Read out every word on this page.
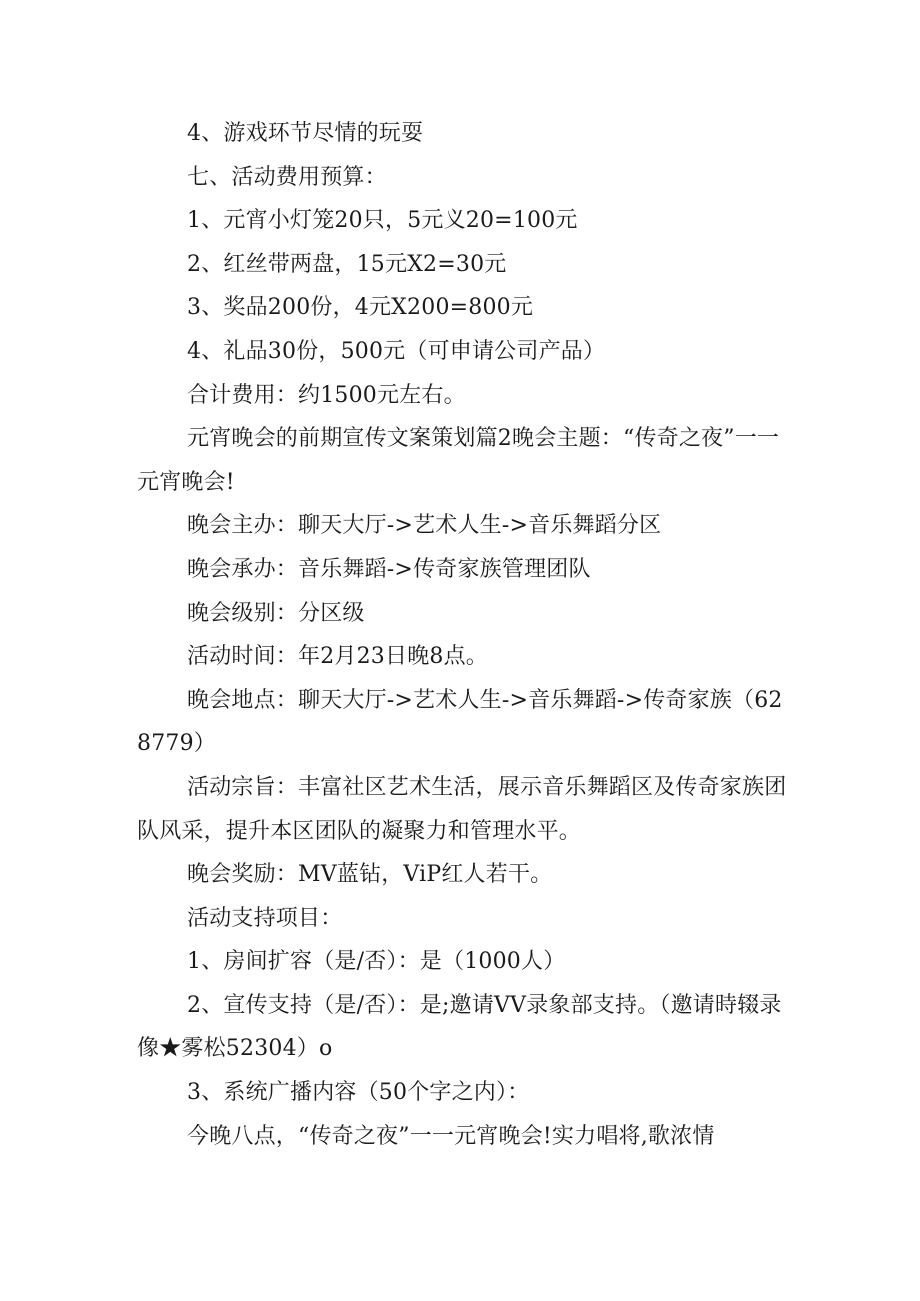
4、游戏环节尽情的玩耍

七、活动费用预算：

1、元宵小灯笼20只，5元义20=100元

2、红丝带两盘，15元X2=30元

3、奖品200份，4元X200=800元

4、礼品30份，500元（可申请公司产品）

合计费用：约1500元左右。

元宵晚会的前期宣传文案策划篇2晚会主题：“传奇之夜”一一元宵晚会!

晚会主办：聊天大厅->艺术人生->音乐舞蹈分区

晚会承办：音乐舞蹈->传奇家族管理团队

晚会级别：分区级

活动时间：年2月23日晚8点。

晚会地点：聊天大厅->艺术人生->音乐舞蹈->传奇家族（628779）

活动宗旨：丰富社区艺术生活，展示音乐舞蹈区及传奇家族团队风采，提升本区团队的凝聚力和管理水平。

晚会奖励：MV蓝钻，ViP红人若干。

活动支持项目：

1、房间扩容（是/否）：是（1000人）

2、宣传支持（是/否）：是;邀请VV录象部支持。（邀请時辍录像★雾松52304）o

3、系统广播内容（50个字之内）：

今晚八点，“传奇之夜”一一元宵晚会!实力唱将,歌浓情
